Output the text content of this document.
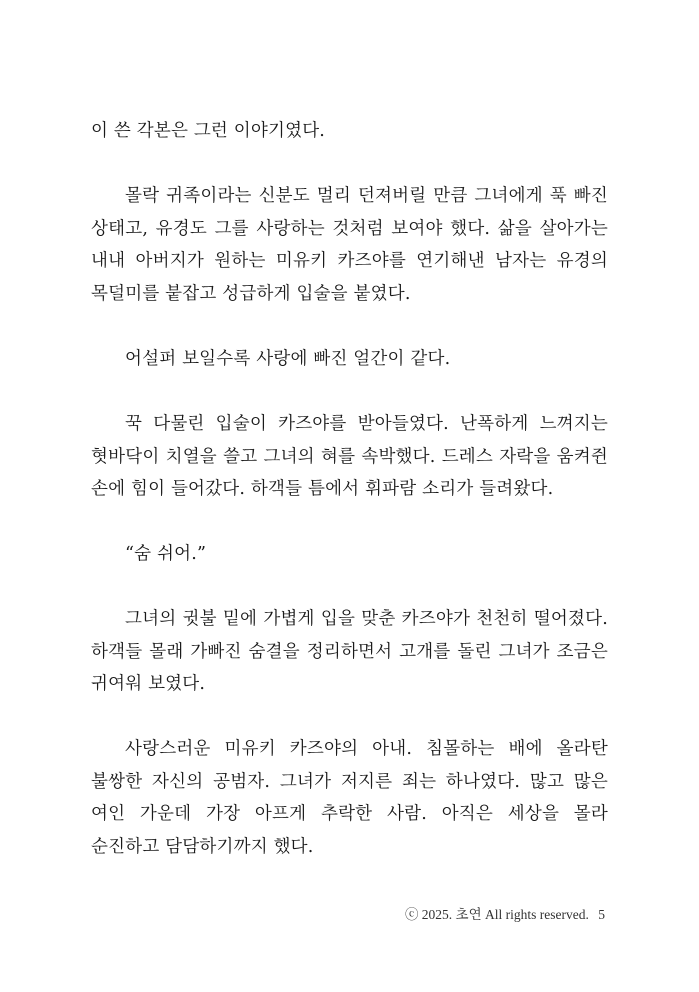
이 쓴 각본은 그런 이야기였다.

몰락 귀족이라는 신분도 멀리 던져버릴 만큼 그녀에게 푹 빠진 상태고, 유경도 그를 사랑하는 것처럼 보여야 했다. 삶을 살아가는 내내 아버지가 원하는 미유키 카즈야를 연기해낸 남자는 유경의 목덜미를 붙잡고 성급하게 입술을 붙였다.

어설퍼 보일수록 사랑에 빠진 얼간이 같다.

꾹 다물린 입술이 카즈야를 받아들였다. 난폭하게 느껴지는 혓바닥이 치열을 쓸고 그녀의 혀를 속박했다. 드레스 자락을 움켜쥔 손에 힘이 들어갔다. 하객들 틈에서 휘파람 소리가 들려왔다.

“숨 쉬어.”

그녀의 귓불 밑에 가볍게 입을 맞춘 카즈야가 천천히 떨어졌다. 하객들 몰래 가빠진 숨결을 정리하면서 고개를 돌린 그녀가 조금은 귀여워 보였다.

사랑스러운 미유키 카즈야의 아내. 침몰하는 배에 올라탄 불쌍한 자신의 공범자. 그녀가 저지른 죄는 하나였다. 많고 많은 여인 가운데 가장 아프게 추락한 사람. 아직은 세상을 몰라 순진하고 담담하기까지 했다.

ⓒ 2025. 초연 All rights reserved. 5
